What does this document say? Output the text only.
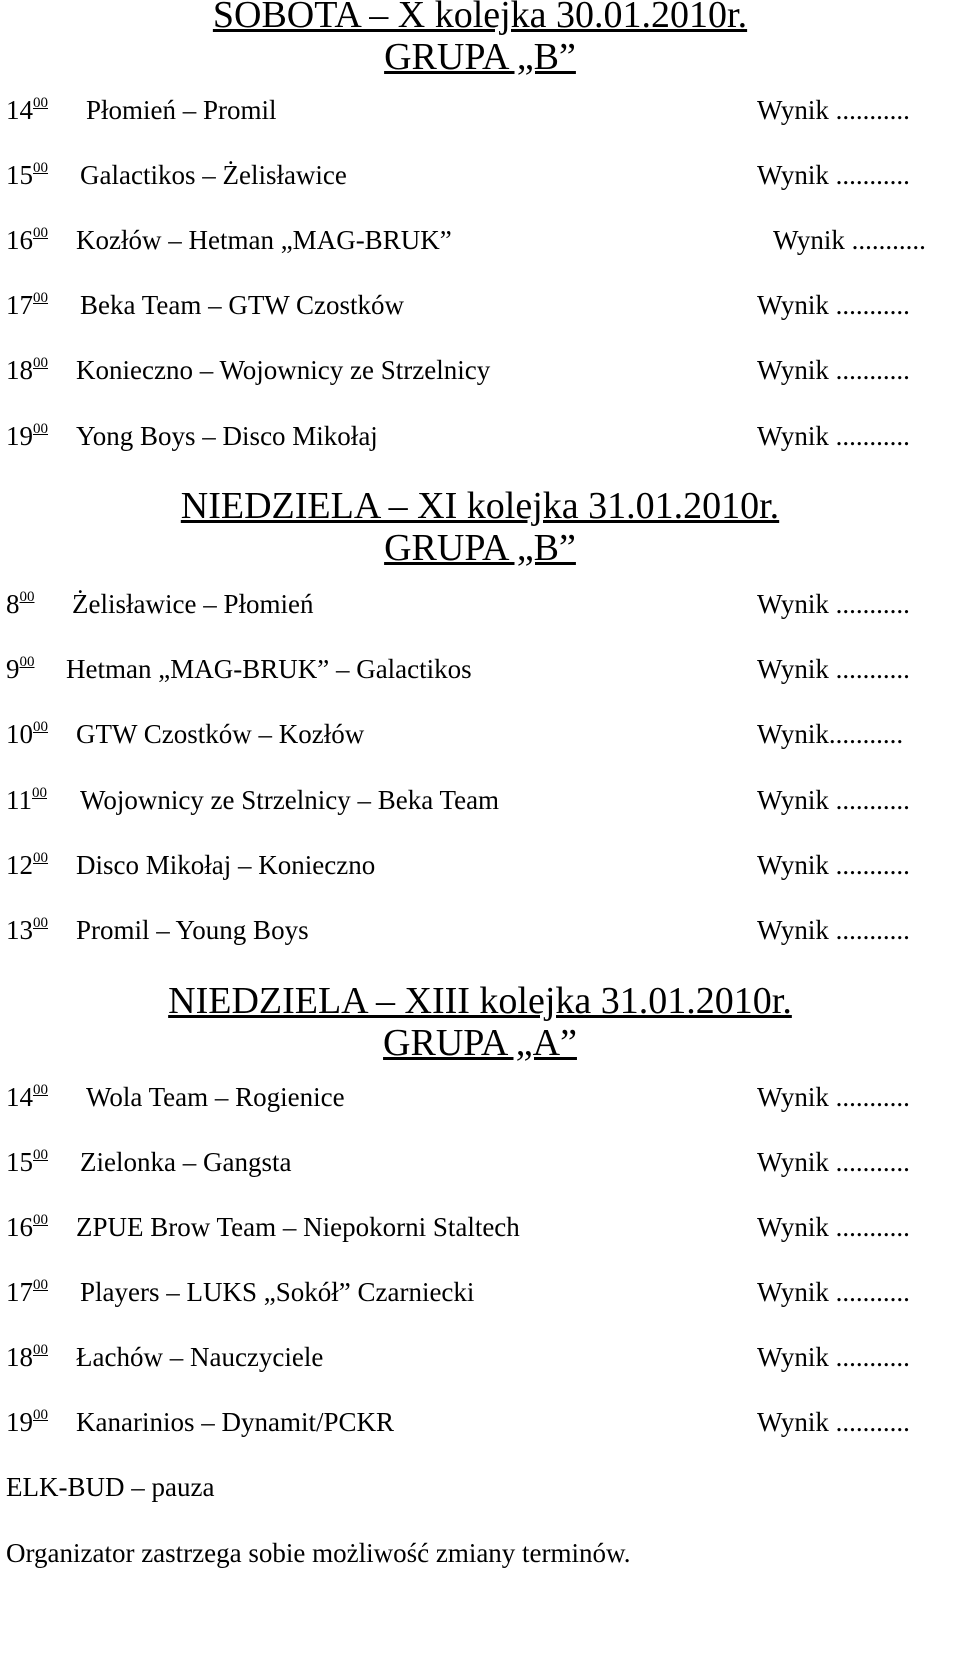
SOBOTA – X kolejka 30.01.2010r.
GRUPA „B”
$14^{00}$ Płomień – Promil	Wynik ...........
$15^{00}$ Galactikos – Żelisławice	Wynik ...........
$16^{00}$ Kozłów – Hetman „MAG-BRUK”	Wynik ...........
$17^{00}$ Beka Team – GTW Czostków	Wynik ...........
$18^{00}$ Konieczno – Wojownicy ze Strzelnicy	Wynik ...........
$19^{00}$ Yong Boys – Disco Mikołaj	Wynik ...........
NIEDZIELA – XI kolejka 31.01.2010r.
GRUPA „B”
$8^{00}$ Żelisławice – Płomień	Wynik ...........
$9^{00}$ Hetman „MAG-BRUK” – Galactikos	Wynik ...........
$10^{00}$ GTW Czostków – Kozłów	Wynik...........
$11^{00}$ Wojownicy ze Strzelnicy – Beka Team	Wynik ...........
$12^{00}$ Disco Mikołaj – Konieczno	Wynik ...........
$13^{00}$ Promil – Young Boys	Wynik ...........
NIEDZIELA – XIII kolejka 31.01.2010r.
GRUPA „A”
$14^{00}$ Wola Team – Rogienice	Wynik ...........
$15^{00}$ Zielonka – Gangsta	Wynik ...........
$16^{00}$ ZPUE Brow Team – Niepokorni Staltech	Wynik ...........
$17^{00}$ Players – LUKS „Sokół” Czarniecki	Wynik ...........
$18^{00}$ Łachów – Nauczyciele	Wynik ...........
$19^{00}$ Kanarinios – Dynamit/PCKR	Wynik ...........
ELK-BUD – pauza
Organizator zastrzega sobie możliwość zmiany terminów.
